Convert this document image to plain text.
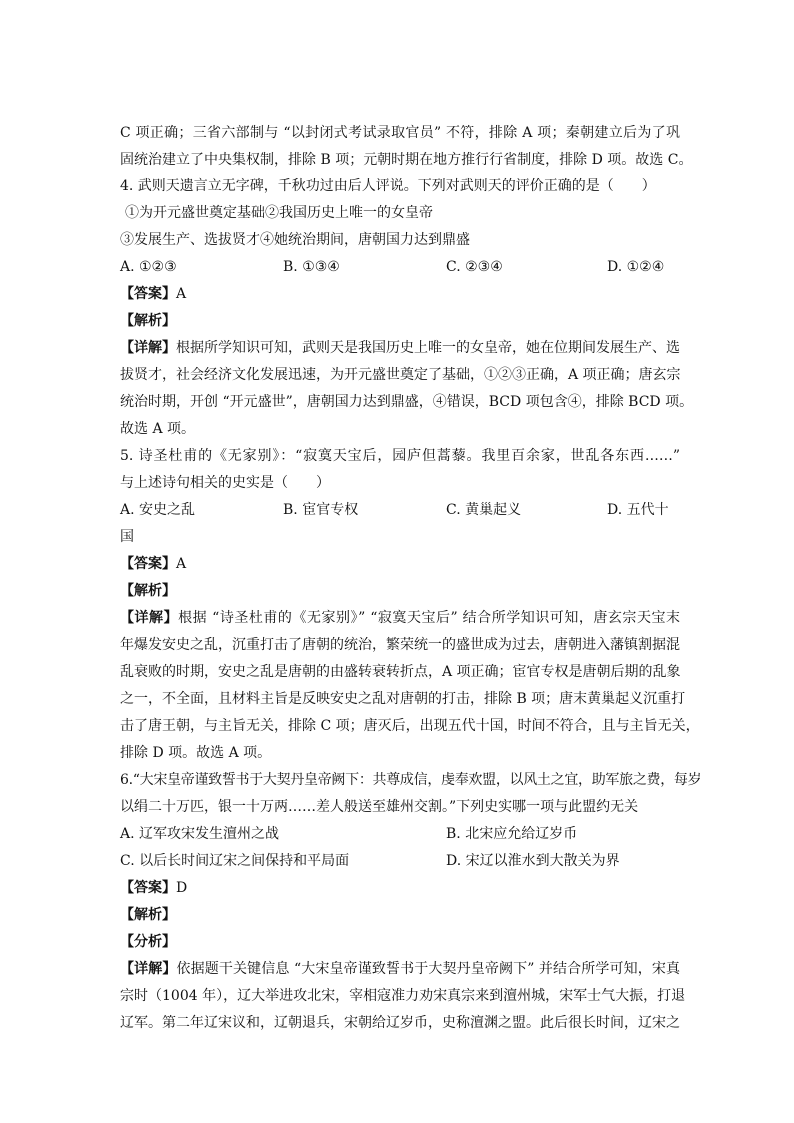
C 项正确；三省六部制与 “以封闭式考试录取官员” 不符，排除 A 项；秦朝建立后为了巩
固统治建立了中央集权制，排除 B 项；元朝时期在地方推行行省制度，排除 D 项。故选 C。
4. 武则天遗言立无字碑，千秋功过由后人评说。下列对武则天的评价正确的是（　　）
①为开元盛世奠定基础②我国历史上唯一的女皇帝
③发展生产、选拔贤才④她统治期间，唐朝国力达到鼎盛
A. ①②③	B. ①③④	C. ②③④	D. ①②④
【答案】A
【解析】
【详解】根据所学知识可知，武则天是我国历史上唯一的女皇帝，她在位期间发展生产、选
拔贤才，社会经济文化发展迅速，为开元盛世奠定了基础，①②③正确，A 项正确；唐玄宗
统治时期，开创 “开元盛世”，唐朝国力达到鼎盛，④错误，BCD 项包含④，排除 BCD 项。
故选 A 项。
5. 诗圣杜甫的《无家别》：“寂寞天宝后，园庐但蒿藜。我里百余家，世乱各东西……”
与上述诗句相关的史实是（　　）
A. 安史之乱	B. 宦官专权	C. 黄巢起义	D. 五代十
国
【答案】A
【解析】
【详解】根据 “诗圣杜甫的《无家别》” “寂寞天宝后” 结合所学知识可知，唐玄宗天宝末
年爆发安史之乱，沉重打击了唐朝的统治，繁荣统一的盛世成为过去，唐朝进入藩镇割据混
乱衰败的时期，安史之乱是唐朝的由盛转衰转折点，A 项正确；宦官专权是唐朝后期的乱象
之一，不全面，且材料主旨是反映安史之乱对唐朝的打击，排除 B 项；唐末黄巢起义沉重打
击了唐王朝，与主旨无关，排除 C 项；唐灭后，出现五代十国，时间不符合，且与主旨无关，
排除 D 项。故选 A 项。
6.“大宋皇帝谨致誓书于大契丹皇帝阙下：共尊成信，虔奉欢盟，以风土之宜，助军旅之费，每岁
以绢二十万匹，银一十万两……差人般送至雄州交割。”下列史实哪一项与此盟约无关
A. 辽军攻宋发生澶州之战	B. 北宋应允给辽岁币
C. 以后长时间辽宋之间保持和平局面	D. 宋辽以淮水到大散关为界
【答案】D
【解析】
【分析】
【详解】依据题干关键信息 “大宋皇帝谨致誓书于大契丹皇帝阙下” 并结合所学可知，宋真
宗时（1004 年），辽大举进攻北宋，宰相寇准力劝宋真宗来到澶州城，宋军士气大振，打退
辽军。第二年辽宋议和，辽朝退兵，宋朝给辽岁币，史称澶渊之盟。此后很长时间，辽宋之
